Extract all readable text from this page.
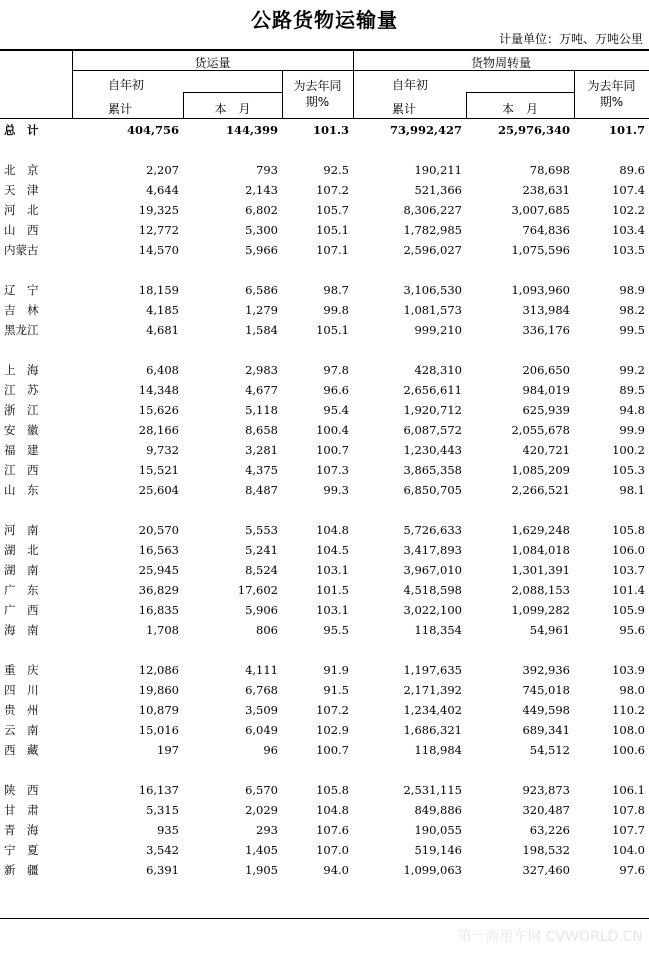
公路货物运输量
计量单位：万吨、万吨公里
货运量	货物周转量
自年初
累计	本　月
为去年同
期%
自年初
累计	本　月
为去年同
期%
总　计	404,756	144,399	101.3	73,992,427	25,976,340	101.7

北　京	2,207	793	92.5	190,211	78,698	89.6
天　津	4,644	2,143	107.2	521,366	238,631	107.4
河　北	19,325	6,802	105.7	8,306,227	3,007,685	102.2
山　西	12,772	5,300	105.1	1,782,985	764,836	103.4
内蒙古	14,570	5,966	107.1	2,596,027	1,075,596	103.5

辽　宁	18,159	6,586	98.7	3,106,530	1,093,960	98.9
吉　林	4,185	1,279	99.8	1,081,573	313,984	98.2
黑龙江	4,681	1,584	105.1	999,210	336,176	99.5

上　海	6,408	2,983	97.8	428,310	206,650	99.2
江　苏	14,348	4,677	96.6	2,656,611	984,019	89.5
浙　江	15,626	5,118	95.4	1,920,712	625,939	94.8
安　徽	28,166	8,658	100.4	6,087,572	2,055,678	99.9
福　建	9,732	3,281	100.7	1,230,443	420,721	100.2
江　西	15,521	4,375	107.3	3,865,358	1,085,209	105.3
山　东	25,604	8,487	99.3	6,850,705	2,266,521	98.1

河　南	20,570	5,553	104.8	5,726,633	1,629,248	105.8
湖　北	16,563	5,241	104.5	3,417,893	1,084,018	106.0
湖　南	25,945	8,524	103.1	3,967,010	1,301,391	103.7
广　东	36,829	17,602	101.5	4,518,598	2,088,153	101.4
广　西	16,835	5,906	103.1	3,022,100	1,099,282	105.9
海　南	1,708	806	95.5	118,354	54,961	95.6

重　庆	12,086	4,111	91.9	1,197,635	392,936	103.9
四　川	19,860	6,768	91.5	2,171,392	745,018	98.0
贵　州	10,879	3,509	107.2	1,234,402	449,598	110.2
云　南	15,016	6,049	102.9	1,686,321	689,341	108.0
西　藏	197	96	100.7	118,984	54,512	100.6

陕　西	16,137	6,570	105.8	2,531,115	923,873	106.1
甘　肃	5,315	2,029	104.8	849,886	320,487	107.8
青　海	935	293	107.6	190,055	63,226	107.7
宁　夏	3,542	1,405	107.0	519,146	198,532	104.0
新　疆	6,391	1,905	94.0	1,099,063	327,460	97.6
第一商用车网 CVWORLD.CN
